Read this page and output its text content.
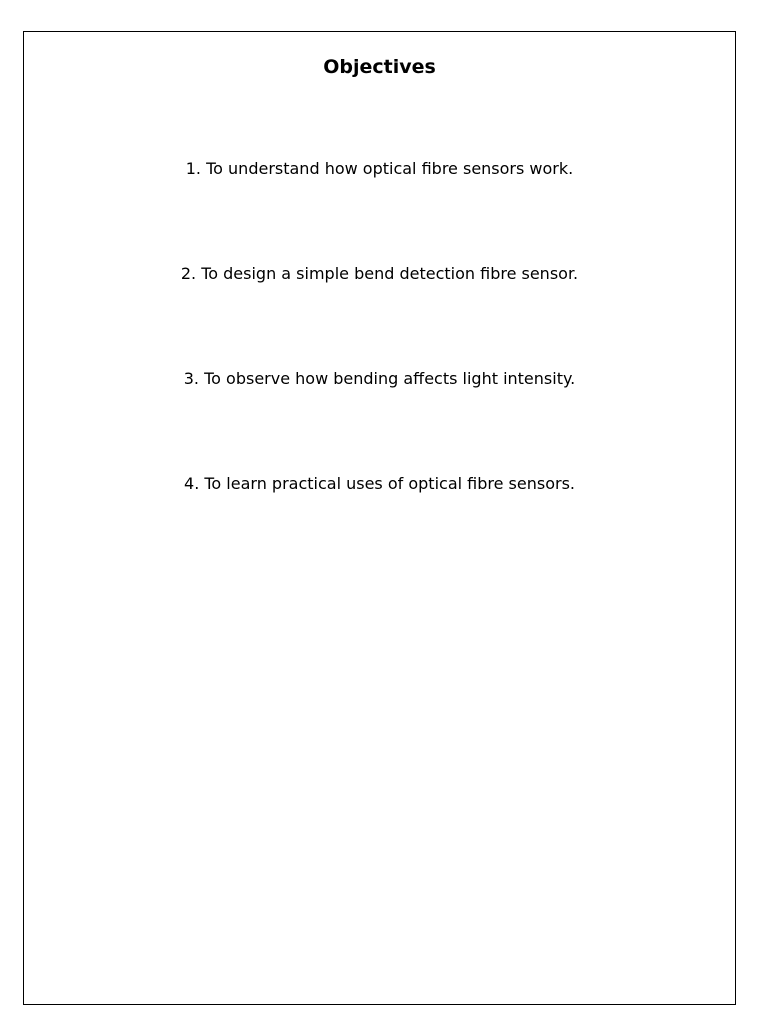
Objectives
1. To understand how optical fibre sensors work.
2. To design a simple bend detection fibre sensor.
3. To observe how bending affects light intensity.
4. To learn practical uses of optical fibre sensors.
